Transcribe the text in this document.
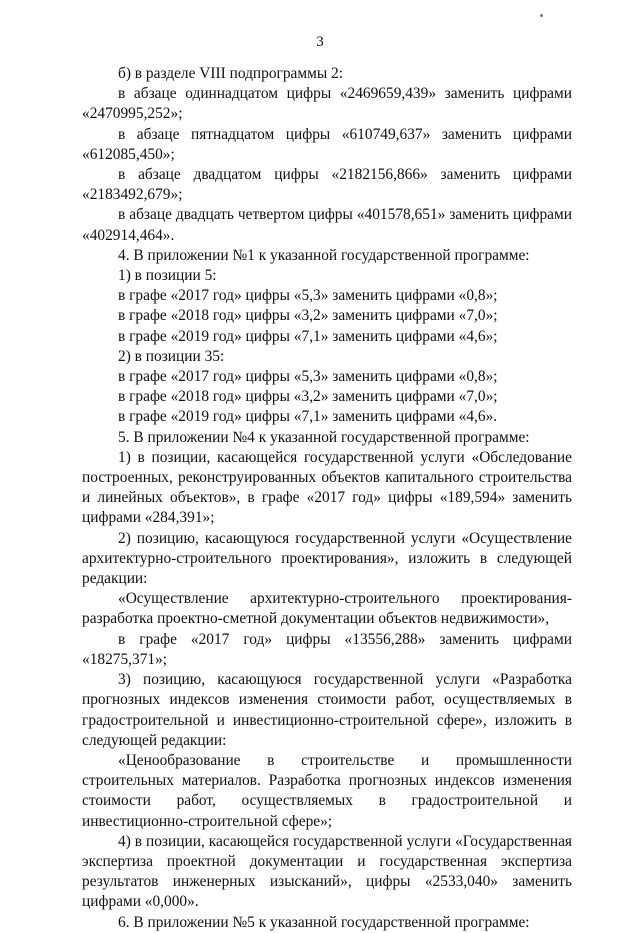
3

б) в разделе VIII подпрограммы 2:

в абзаце одиннадцатом цифры «2469659,439» заменить цифрами «2470995,252»;

в абзаце пятнадцатом цифры «610749,637» заменить цифрами «612085,450»;

в абзаце двадцатом цифры «2182156,866» заменить цифрами «2183492,679»;

в абзаце двадцать четвертом цифры «401578,651» заменить цифрами «402914,464».

4. В приложении №1 к указанной государственной программе:

1) в позиции 5:

в графе «2017 год» цифры «5,3» заменить цифрами «0,8»;

в графе «2018 год» цифры «3,2» заменить цифрами «7,0»;

в графе «2019 год» цифры «7,1» заменить цифрами «4,6»;

2) в позиции 35:

в графе «2017 год» цифры «5,3» заменить цифрами «0,8»;

в графе «2018 год» цифры «3,2» заменить цифрами «7,0»;

в графе «2019 год» цифры «7,1» заменить цифрами «4,6».

5. В приложении №4 к указанной государственной программе:

1) в позиции, касающейся государственной услуги «Обследование построенных, реконструированных объектов капитального строительства и линейных объектов», в графе «2017 год» цифры «189,594» заменить цифрами «284,391»;

2) позицию, касающуюся государственной услуги «Осуществление архитектурно-строительного проектирования», изложить в следующей редакции:

«Осуществление архитектурно-строительного проектирования-разработка проектно-сметной документации объектов недвижимости»,

в графе «2017 год» цифры «13556,288» заменить цифрами «18275,371»;

3) позицию, касающуюся государственной услуги «Разработка прогнозных индексов изменения стоимости работ, осуществляемых в градостроительной и инвестиционно-строительной сфере», изложить в следующей редакции:

«Ценообразование в строительстве и промышленности строительных материалов. Разработка прогнозных индексов изменения стоимости работ, осуществляемых в градостроительной и инвестиционно-строительной сфере»;

4) в позиции, касающейся государственной услуги «Государственная экспертиза проектной документации и государственная экспертиза результатов инженерных изысканий», цифры «2533,040» заменить цифрами «0,000».

6. В приложении №5 к указанной государственной программе:
